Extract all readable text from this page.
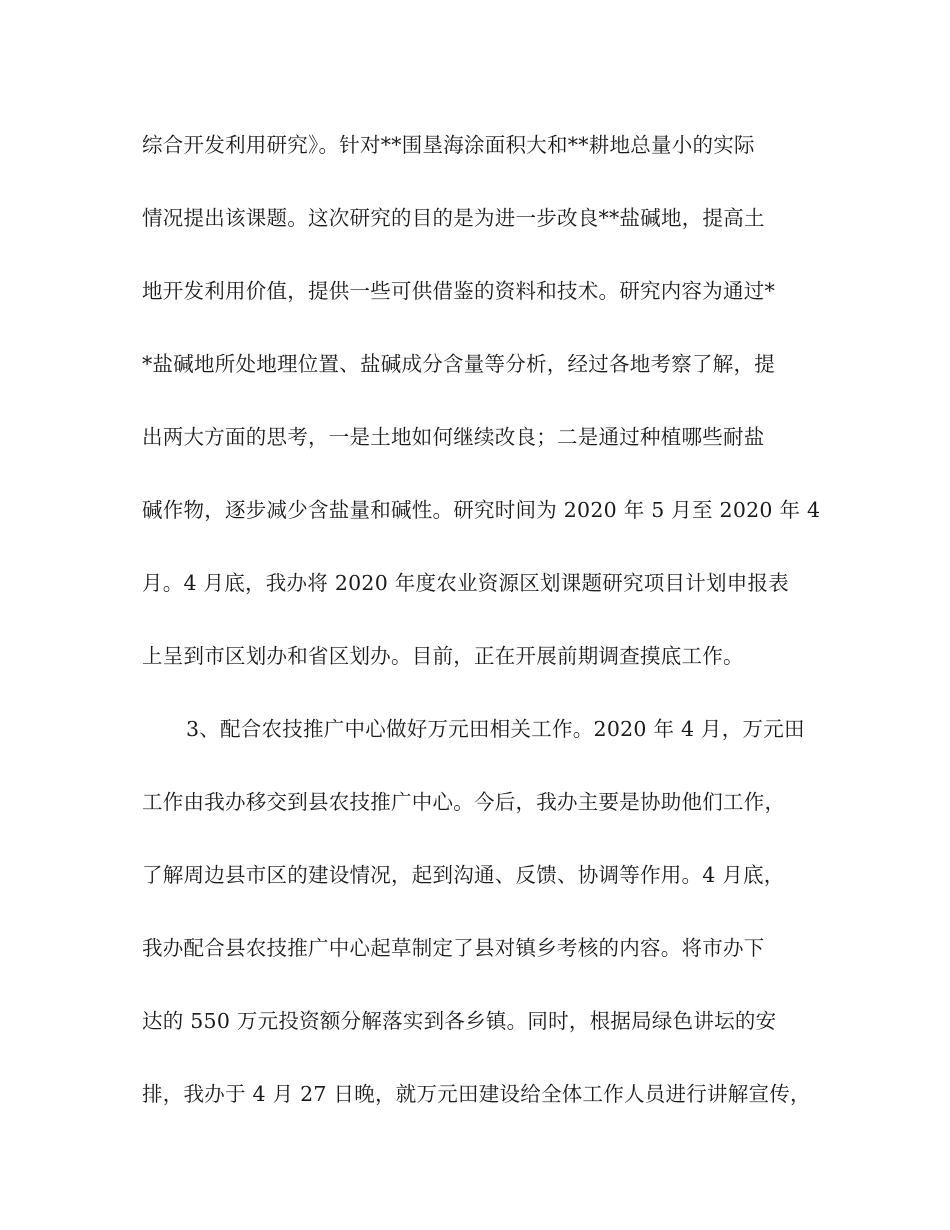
综合开发利用研究》。针对**围垦海涂面积大和**耕地总量小的实际

情况提出该课题。这次研究的目的是为进一步改良**盐碱地，提高土

地开发利用价值，提供一些可供借鉴的资料和技术。研究内容为通过*

*盐碱地所处地理位置、盐碱成分含量等分析，经过各地考察了解，提

出两大方面的思考，一是土地如何继续改良；二是通过种植哪些耐盐

碱作物，逐步减少含盐量和碱性。研究时间为 2020 年 5 月至 2020 年 4

月。4 月底，我办将 2020 年度农业资源区划课题研究项目计划申报表

上呈到市区划办和省区划办。目前，正在开展前期调查摸底工作。

3、配合农技推广中心做好万元田相关工作。2020 年 4 月，万元田

工作由我办移交到县农技推广中心。今后，我办主要是协助他们工作，

了解周边县市区的建设情况，起到沟通、反馈、协调等作用。4 月底，

我办配合县农技推广中心起草制定了县对镇乡考核的内容。将市办下

达的 550 万元投资额分解落实到各乡镇。同时，根据局绿色讲坛的安

排，我办于 4 月 27 日晚，就万元田建设给全体工作人员进行讲解宣传，
